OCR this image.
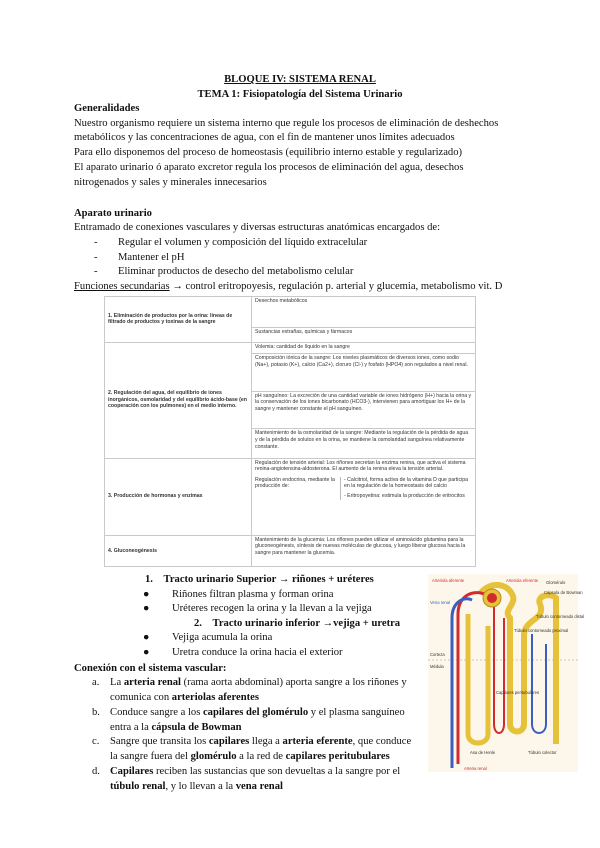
BLOQUE IV: SISTEMA RENAL
TEMA 1: Fisiopatología del Sistema Urinario
Generalidades
Nuestro organismo requiere un sistema interno que regule los procesos de eliminación de deshechos
metabólicos y las concentraciones de agua, con el fin de mantener unos límites adecuados
Para ello disponemos del proceso de homeostasis (equilibrio interno estable y regularizado)
El aparato urinario ó aparato excretor regula los procesos de eliminación del agua, desechos
nitrogenados y sales y minerales innecesarios
Aparato urinario
Entramado de conexiones vasculares y diversas estructuras anatómicas encargados de:
- Regular el volumen y composición del líquido extracelular
- Mantener el pH
- Eliminar productos de desecho del metabolismo celular
Funciones secundarias → control eritropoyesis, regulación p. arterial y glucemia, metabolismo vit. D
1. Eliminación de productos por la orina: líneas de filtrado de productos y toxinas de la sangre	Desechos metabólicos
	Sustancias extrañas, químicas y fármacos
2. Regulación del agua, del equilibrio de iones inorgánicos, osmolaridad y del equilibrio ácido-base (en cooperación con los pulmones) en el medio interno.	Volemia: cantidad de líquido en la sangre
	Composición iónica de la sangre: Los niveles plasmáticos de diversos iones, como sodio (Na+), potasio (K+), calcio (Ca2+), cloruro (Cl-) y fosfato (HPO4) son regulados a nivel renal.
	pH sanguíneo: La excreción de una cantidad variable de iones hidrógeno (H+) hacia la orina y la conservación de los iones bicarbonato (HCO3-), intervienen para amortiguar los H+ de la sangre y mantener constante el pH sanguíneo.
	Mantenimiento de la osmolaridad de la sangre: Mediante la regulación de la pérdida de agua y de la pérdida de solutos en la orina, se mantiene la osmolaridad sanguínea relativamente constante.
3. Producción de hormonas y enzimas	Regulación de tensión arterial: Los riñones secretan la enzima renina, que activa el sistema renina-angiotensina-aldosterona. El aumento de la renina eleva la tensión arterial.
Regulación endocrina, mediante la producción de:
- Calcitriol, forma activa de la vitamina D que participa en la regulación de la homeostasis del calcio
- Eritropoyetina: estimula la producción de eritrocitos

4. Gluconeogénesis	Mantenimiento de la glucemia: Los riñones pueden utilizar el aminoácido glutamina para la gluconeogénesis, síntesis de nuevas moléculas de glucosa, y luego liberar glucosa hacia la sangre para mantener la glucemia.
1. Tracto urinario Superior → riñones + uréteres
● Riñones filtran plasma y forman orina
● Uréteres recogen la orina y la llevan a la vejiga
2. Tracto urinario inferior →vejiga + uretra
● Vejiga acumula la orina
● Uretra conduce la orina hacia el exterior
Conexión con el sistema vascular:
a. La arteria renal (rama aorta abdominal) aporta sangre a los riñones y
comunica con arteriolas aferentes
b. Conduce sangre a los capilares del glomérulo y el plasma sanguíneo
entra a la cápsula de Bowman
c. Sangre que transita los capilares llega a arteria eferente, que conduce
la sangre fuera del glomérulo a la red de capilares peritubulares
d. Capilares reciben las sustancias que son devueltas a la sangre por el
túbulo renal, y lo llevan a la vena renal
Arteriola aferente	Arteriola eferente Glomérulo
Cápsula de Bowman
Túbulo contorneado distal
Corteza
Médula
Vena renal
Asa de Henle	Túbulo colector
Capilares peritubulares
Arteria renal
Túbulo contorneado proximal
